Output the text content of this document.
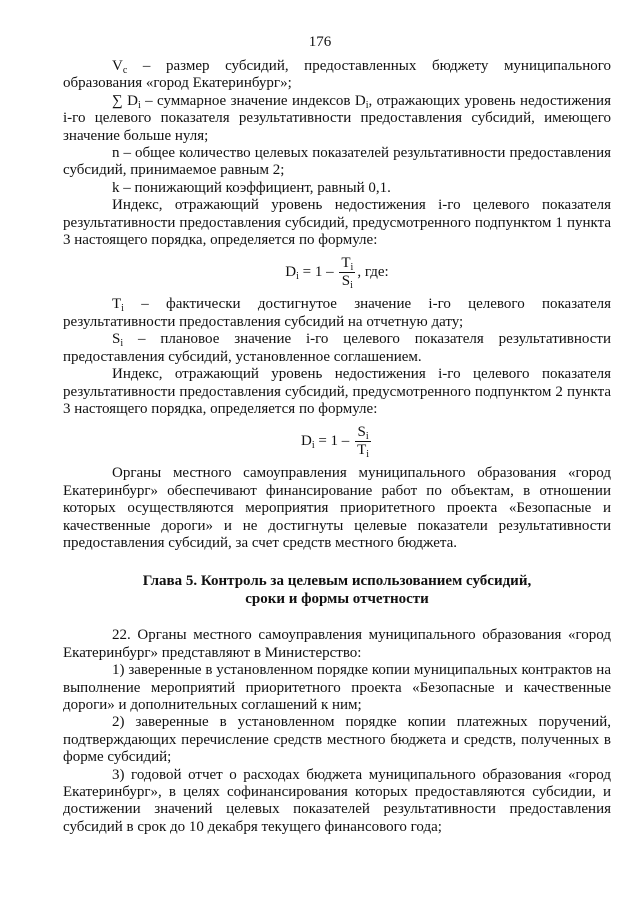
176

$V_c$ – размер субсидий, предоставленных бюджету муниципального образования «город Екатеринбург»;

∑ $D_i$ – суммарное значение индексов $D_i$, отражающих уровень недостижения i-го целевого показателя результативности предоставления субсидий, имеющего значение больше нуля;

n – общее количество целевых показателей результативности предоставления субсидий, принимаемое равным 2;

k – понижающий коэффициент, равный 0,1.

Индекс, отражающий уровень недостижения i-го целевого показателя результативности предоставления субсидий, предусмотренного подпунктом 1 пункта 3 настоящего порядка, определяется по формуле:

$D_i = 1 - \frac{T_i}{S_i}$ , где:

$T_i$ – фактически достигнутое значение i-го целевого показателя результативности предоставления субсидий на отчетную дату;

$S_i$ – плановое значение i-го целевого показателя результативности предоставления субсидий, установленное соглашением.

Индекс, отражающий уровень недостижения i-го целевого показателя результативности предоставления субсидий, предусмотренного подпунктом 2 пункта 3 настоящего порядка, определяется по формуле:

$D_i = 1 - \frac{S_i}{T_i}$

Органы местного самоуправления муниципального образования «город Екатеринбург» обеспечивают финансирование работ по объектам, в отношении которых осуществляются мероприятия приоритетного проекта «Безопасные и качественные дороги» и не достигнуты целевые показатели результативности предоставления субсидий, за счет средств местного бюджета.

Глава 5. Контроль за целевым использованием субсидий,
сроки и формы отчетности

22. Органы местного самоуправления муниципального образования «город Екатеринбург» представляют в Министерство:

1) заверенные в установленном порядке копии муниципальных контрактов на выполнение мероприятий приоритетного проекта «Безопасные и качественные дороги» и дополнительных соглашений к ним;

2) заверенные в установленном порядке копии платежных поручений, подтверждающих перечисление средств местного бюджета и средств, полученных в форме субсидий;

3) годовой отчет о расходах бюджета муниципального образования «город Екатеринбург», в целях софинансирования которых предоставляются субсидии, и достижении значений целевых показателей результативности предоставления субсидий в срок до 10 декабря текущего финансового года;
